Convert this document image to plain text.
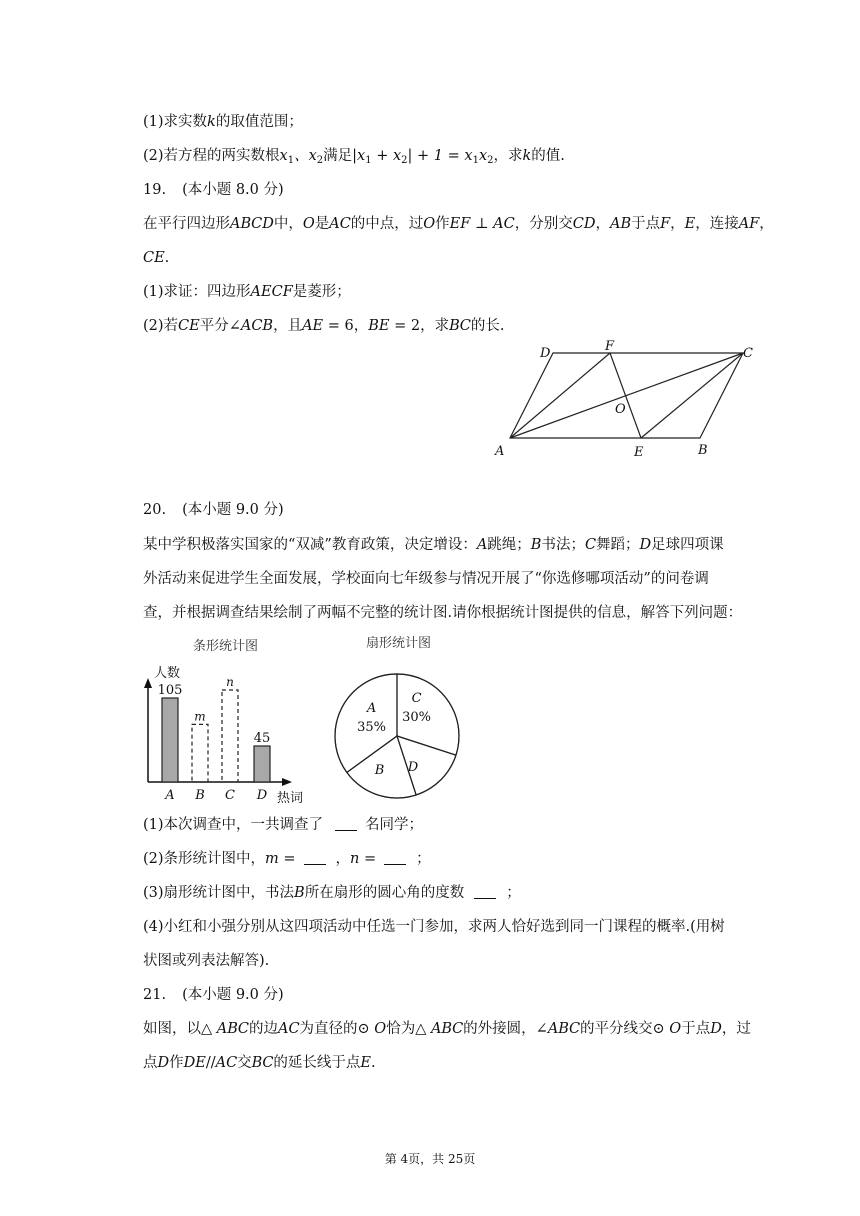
(1)求实数𝑘的取值范围；
(2)若方程的两实数根$x_1$、$x_2$满足$|x_1 + x_2| + 1 = x_1x_2$，求𝑘的值.
19. (本小题 8.0 分)
在平行四边形𝐴𝐵𝐶𝐷中，𝑂是𝐴𝐶的中点，过𝑂作𝐸𝐹 ⊥ 𝐴𝐶，分别交𝐶𝐷，𝐴𝐵于点𝐹，𝐸，连接𝐴𝐹，
𝐶𝐸.
(1)求证：四边形𝐴𝐸𝐶𝐹是菱形；
(2)若𝐶𝐸平分∠𝐴𝐶𝐵，且𝐴𝐸 = 6，𝐵𝐸 = 2，求𝐵𝐶的长.
D	F	C
O
A	E	B
20. (本小题 9.0 分)
某中学积极落实国家的“双减”教育政策，决定增设：𝐴跳绳；𝐵书法；𝐶舞蹈；𝐷足球四项课
外活动来促进学生全面发展，学校面向七年级参与情况开展了“你选修哪项活动”的问卷调
查，并根据调查结果绘制了两幅不完整的统计图.请你根据统计图提供的信息，解答下列问题：
条形统计图
人数
105
A
m
B
n
C
45
D 热词
扇形统计图
A
35%
C
30%
D
B
(1)本次调查中，一共调查了	名同学；
(2)条形统计图中，𝑚 =	，𝑛 =	；
(3)扇形统计图中，书法𝐵所在扇形的圆心角的度数	；
(4)小红和小强分别从这四项活动中任选一门参加，求两人恰好选到同一门课程的概率.(用树
状图或列表法解答).
21. (本小题 9.0 分)
如图，以△ 𝐴𝐵𝐶的边𝐴𝐶为直径的⊙ 𝑂恰为△ 𝐴𝐵𝐶的外接圆，∠𝐴𝐵𝐶的平分线交⊙ 𝑂于点𝐷，过
点𝐷作𝐷𝐸//𝐴𝐶交𝐵𝐶的延长线于点𝐸.
第 4页，共 25页
